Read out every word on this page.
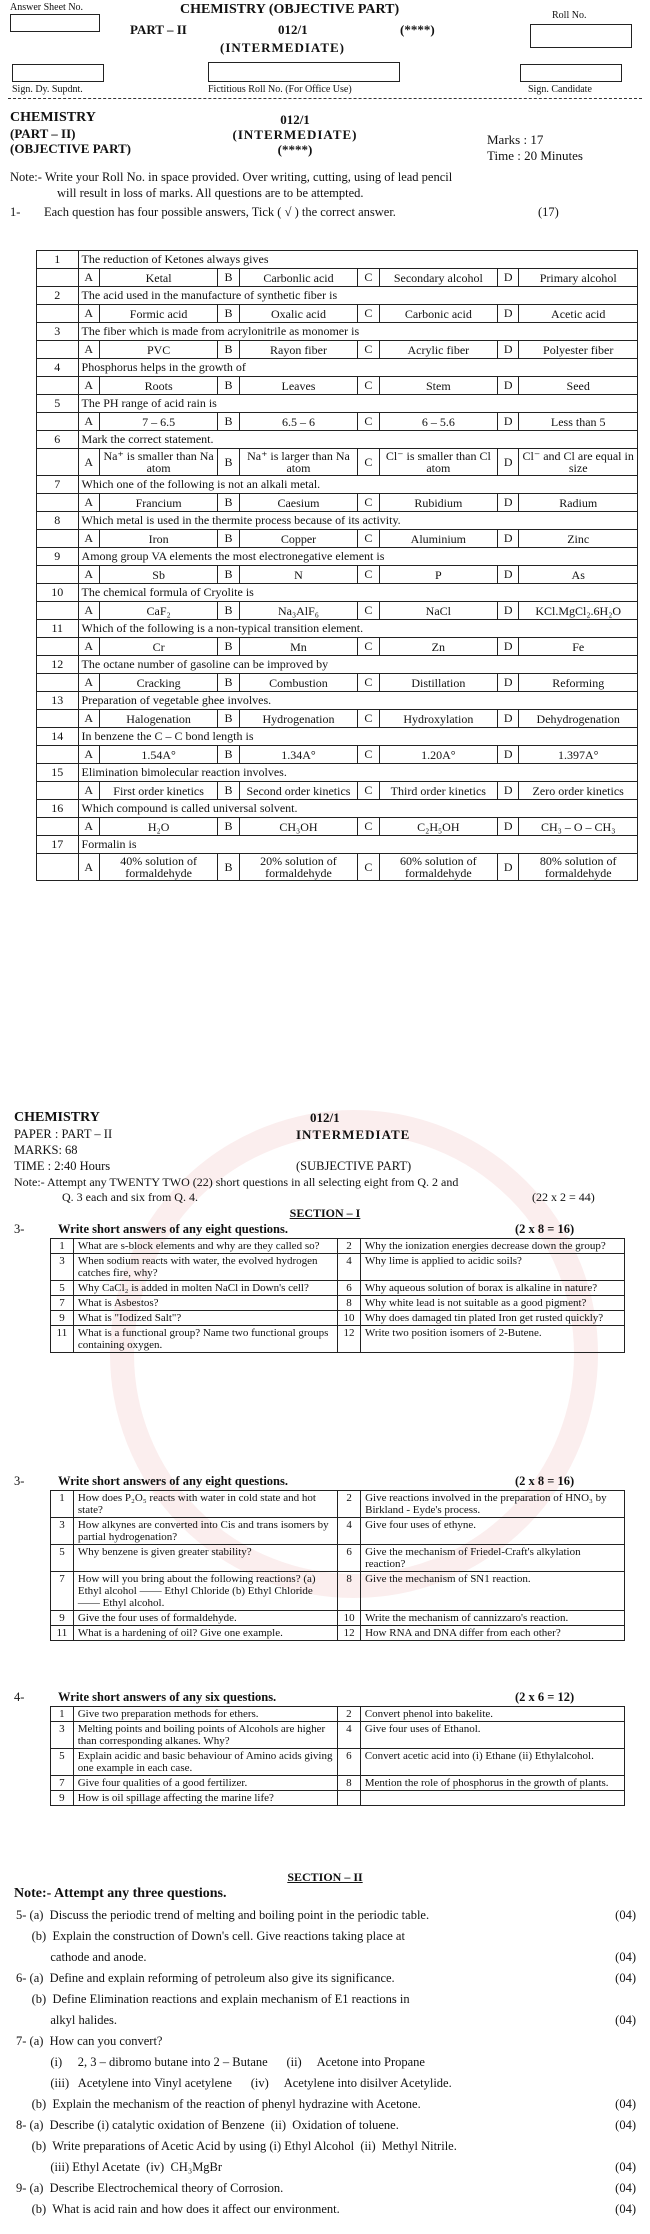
Answer Sheet No.	CHEMISTRY (OBJECTIVE PART)
PART – II	012/1	(****)
(INTERMEDIATE)
Roll No.
Sign. Dy. Supdnt.	Fictitious Roll No. (For Office Use)	Sign. Candidate
CHEMISTRY
(PART – II)
(OBJECTIVE PART)
012/1
(INTERMEDIATE)
(****)
Marks : 17
Time : 20 Minutes
Note:- Write your Roll No. in space provided. Over writing, cutting, using of lead pencil
will result in loss of marks. All questions are to be attempted.
1- Each question has four possible answers, Tick ( √ ) the correct answer.	(17)
1	The reduction of Ketones always gives							
	A	Ketal	B	Carbonlic acid	C	Secondary alcohol	D	Primary alcohol
2	The acid used in the manufacture of synthetic fiber is							
	A	Formic acid	B	Oxalic acid	C	Carbonic acid	D	Acetic acid
3	The fiber which is made from acrylonitrile as monomer is							
	A	PVC	B	Rayon fiber	C	Acrylic fiber	D	Polyester fiber
4	Phosphorus helps in the growth of							
	A	Roots	B	Leaves	C	Stem	D	Seed
5	The PH range of acid rain is							
	A	7 – 6.5	B	6.5 – 6	C	6 – 5.6	D	Less than 5
6	Mark the correct statement.							
	A	Na⁺ is smaller than Na atom	B	Na⁺ is larger than Na atom	C	Cl⁻ is smaller than Cl atom	D	Cl⁻ and Cl are equal in size
7	Which one of the following is not an alkali metal.							
	A	Francium	B	Caesium	C	Rubidium	D	Radium
8	Which metal is used in the thermite process because of its activity.							
	A	Iron	B	Copper	C	Aluminium	D	Zinc
9	Among group VA elements the most electronegative element is							
	A	Sb	B	N	C	P	D	As
10	The chemical formula of Cryolite is							
	A	CaF₂	B	Na₃AlF₆	C	NaCl	D	KCl.MgCl₂.6H₂O
11	Which of the following is a non-typical transition element.							
	A	Cr	B	Mn	C	Zn	D	Fe
12	The octane number of gasoline can be improved by							
	A	Cracking	B	Combustion	C	Distillation	D	Reforming
13	Preparation of vegetable ghee involves.							
	A	Halogenation	B	Hydrogenation	C	Hydroxylation	D	Dehydrogenation
14	In benzene the C – C bond length is							
	A	1.54A°	B	1.34A°	C	1.20A°	D	1.397A°
15	Elimination bimolecular reaction involves.							
	A	First order kinetics	B	Second order kinetics	C	Third order kinetics	D	Zero order kinetics
16	Which compound is called universal solvent.							
	A	H₂O	B	CH₃OH	C	C₂H₅OH	D	CH₃ – O – CH₃
17	Formalin is							
	A	40% solution of formaldehyde	B	20% solution of formaldehyde	C	60% solution of formaldehyde	D	80% solution of formaldehyde
CHEMISTRY	012/1
PAPER : PART – II	INTERMEDIATE
MARKS: 68
TIME : 2:40 Hours	(SUBJECTIVE PART)
Note:- Attempt any TWENTY TWO (22) short questions in all selecting eight from Q. 2 and
Q. 3 each and six from Q. 4.	(22 x 2 = 44)
SECTION – I
3-	Write short answers of any eight questions.	(2 x 8 = 16)
1	What are s-block elements and why are they called so?	2	Why the ionization energies decrease down the group?
3	When sodium reacts with water, the evolved hydrogen catches fire, why?	4	Why lime is applied to acidic soils?
5	Why CaCl₂ is added in molten NaCl in Down's cell?	6	Why aqueous solution of borax is alkaline in nature?
7	What is Asbestos?	8	Why white lead is not suitable as a good pigment?
9	What is "Iodized Salt"?	10	Why does damaged tin plated Iron get rusted quickly?
11	What is a functional group? Name two functional groups containing oxygen.	12	Write two position isomers of 2-Butene.
3-	Write short answers of any eight questions.	(2 x 8 = 16)
1	How does P₂O₅ reacts with water in cold state and hot state?	2	Give reactions involved in the preparation of HNO₃ by Birkland - Eyde's process.
3	How alkynes are converted into Cis and trans isomers by partial hydrogenation?	4	Give four uses of ethyne.
5	Why benzene is given greater stability?	6	Give the mechanism of Friedel-Craft's alkylation reaction?
7	How will you bring about the following reactions? (a) Ethyl alcohol —— Ethyl Chloride (b) Ethyl Chloride —— Ethyl alcohol.	8	Give the mechanism of SN1 reaction.
9	Give the four uses of formaldehyde.	10	Write the mechanism of cannizzaro's reaction.
11	What is a hardening of oil? Give one example.	12	How RNA and DNA differ from each other?
4-	Write short answers of any six questions.	(2 x 6 = 12)
1	Give two preparation methods for ethers.	2	Convert phenol into bakelite.
3	Melting points and boiling points of Alcohols are higher than corresponding alkanes. Why?	4	Give four uses of Ethanol.
5	Explain acidic and basic behaviour of Amino acids giving one example in each case.	6	Convert acetic acid into (i) Ethane (ii) Ethylalcohol.
7	Give four qualities of a good fertilizer.	8	Mention the role of phosphorus in the growth of plants.
9	How is oil spillage affecting the marine life?		
SECTION – II
Note:- Attempt any three questions.
5- (a)  Discuss the periodic trend of melting and boiling point in the periodic table.	(04)
(b)  Explain the construction of Down's cell. Give reactions taking place at
cathode and anode.	(04)
6- (a)  Define and explain reforming of petroleum also give its significance.	(04)
(b)  Define Elimination reactions and explain mechanism of E1 reactions in
alkyl halides.	(04)
7- (a)  How can you convert?
(i)     2, 3 – dibromo butane into 2 – Butane      (ii)     Acetone into Propane
(iii)   Acetylene into Vinyl acetylene      (iv)     Acetylene into disilver Acetylide.
(b)  Explain the mechanism of the reaction of phenyl hydrazine with Acetone.	(04)
8- (a)  Describe (i) catalytic oxidation of Benzene  (ii)  Oxidation of toluene.	(04)
(b)  Write preparations of Acetic Acid by using (i) Ethyl Alcohol  (ii)  Methyl Nitrile.
(iii) Ethyl Acetate  (iv)  CH₃MgBr	(04)
9- (a)  Describe Electrochemical theory of Corrosion.	(04)
(b)  What is acid rain and how does it affect our environment.	(04)
